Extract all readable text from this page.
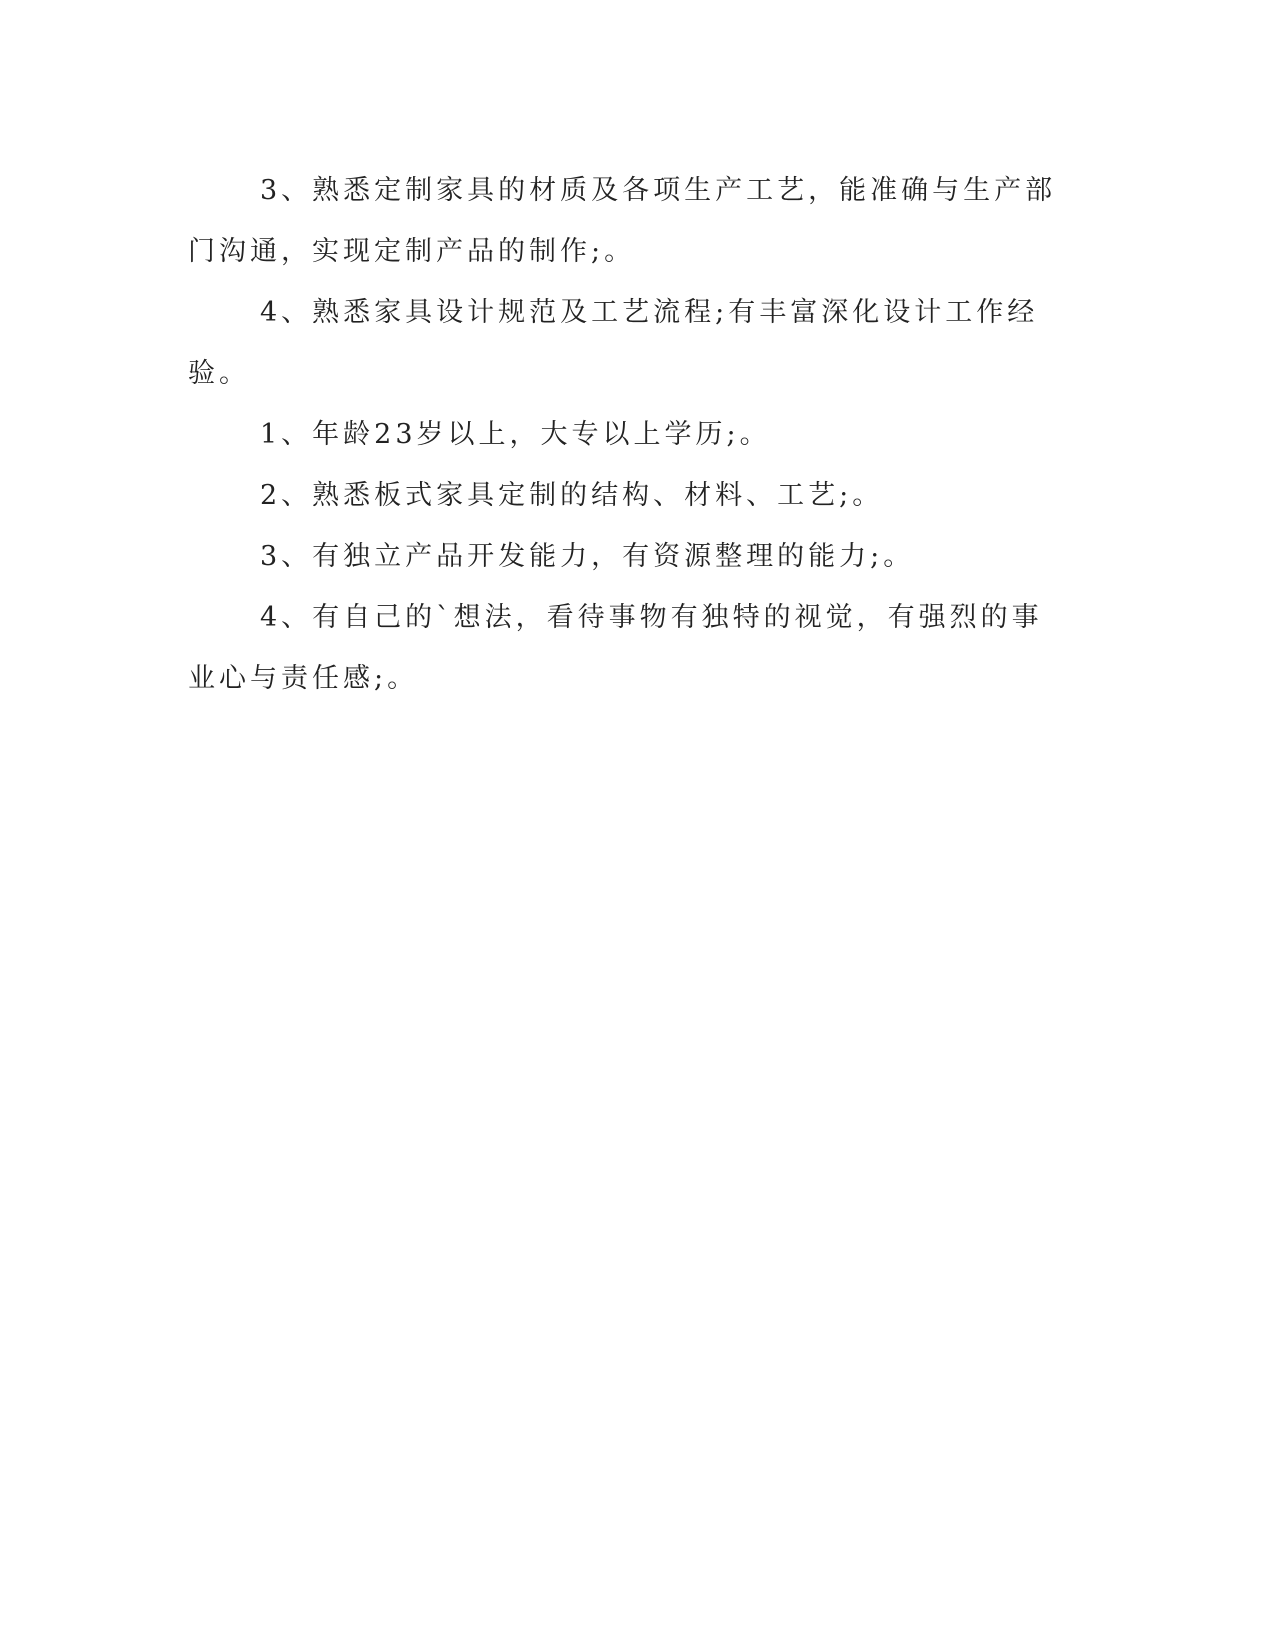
3、熟悉定制家具的材质及各项生产工艺，能准确与生产部门沟通，实现定制产品的制作;。

4、熟悉家具设计规范及工艺流程;有丰富深化设计工作经验。

1、年龄23岁以上，大专以上学历;。

2、熟悉板式家具定制的结构、材料、工艺;。

3、有独立产品开发能力，有资源整理的能力;。

4、有自己的`想法，看待事物有独特的视觉，有强烈的事业心与责任感;。
